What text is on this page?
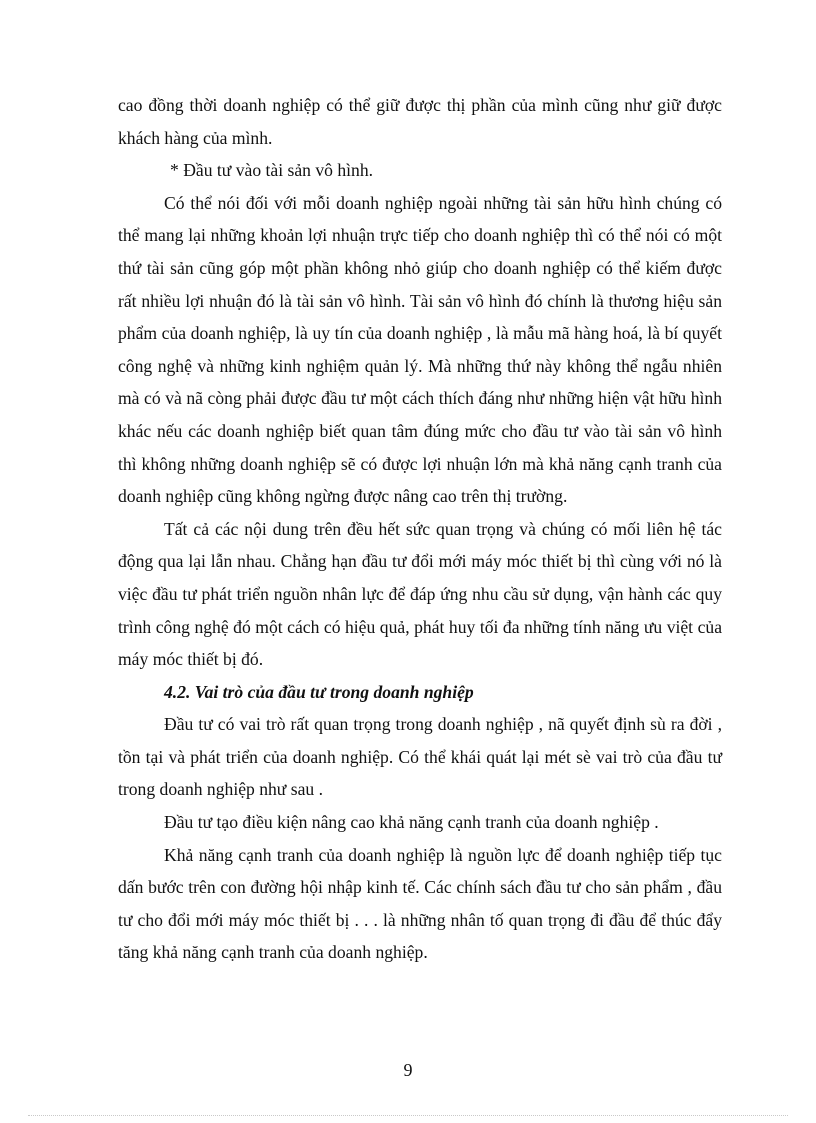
cao đồng thời doanh nghiệp có thể giữ được thị phần của mình cũng như giữ được khách hàng của mình.

* Đầu tư vào tài sản vô hình.

Có thể nói đối với mỗi doanh nghiệp ngoài những tài sản hữu hình chúng có thể mang lại những khoản lợi nhuận trực tiếp cho doanh nghiệp thì có thể nói có một thứ tài sản cũng góp một phần không nhỏ giúp cho doanh nghiệp có thể kiếm được rất nhiều lợi nhuận đó là tài sản vô hình. Tài sản vô hình đó chính là thương hiệu sản phẩm của doanh nghiệp, là uy tín của doanh nghiệp , là mẫu mã hàng hoá, là bí quyết công nghệ và những kinh nghiệm quản lý. Mà những thứ này không thể ngẫu nhiên mà có và nã còng phải được đầu tư một cách thích đáng như những hiện vật hữu hình khác nếu các doanh nghiệp biết quan tâm đúng mức cho đầu tư vào tài sản vô hình thì không những doanh nghiệp sẽ có được lợi nhuận lớn mà khả năng cạnh tranh của doanh nghiệp cũng không ngừng được nâng cao trên thị trường.

Tất cả các nội dung trên đều hết sức quan trọng và chúng có mối liên hệ tác động qua lại lẫn nhau. Chẳng hạn đầu tư đổi mới máy móc thiết bị thì cùng với nó là việc đầu tư phát triển nguồn nhân lực để đáp ứng nhu cầu sử dụng, vận hành các quy trình công nghệ đó một cách có hiệu quả, phát huy tối đa những tính năng ưu việt của máy móc thiết bị đó.

4.2. Vai trò của đầu tư trong doanh nghiệp

Đầu tư có vai trò rất quan trọng trong doanh nghiệp , nã quyết định sù ra đời , tồn tại và phát triển của doanh nghiệp. Có thể khái quát lại mét sè vai trò của đầu tư trong doanh nghiệp như sau .

Đầu tư tạo điều kiện nâng cao khả năng cạnh tranh của doanh nghiệp .

Khả năng cạnh tranh của doanh nghiệp là nguồn lực để doanh nghiệp tiếp tục dấn bước trên con đường hội nhập kinh tế. Các chính sách đầu tư cho sản phẩm , đầu tư cho đổi mới máy móc thiết bị . . . là những nhân tố quan trọng đi đầu để thúc đẩy tăng khả năng cạnh tranh của doanh nghiệp.

9
